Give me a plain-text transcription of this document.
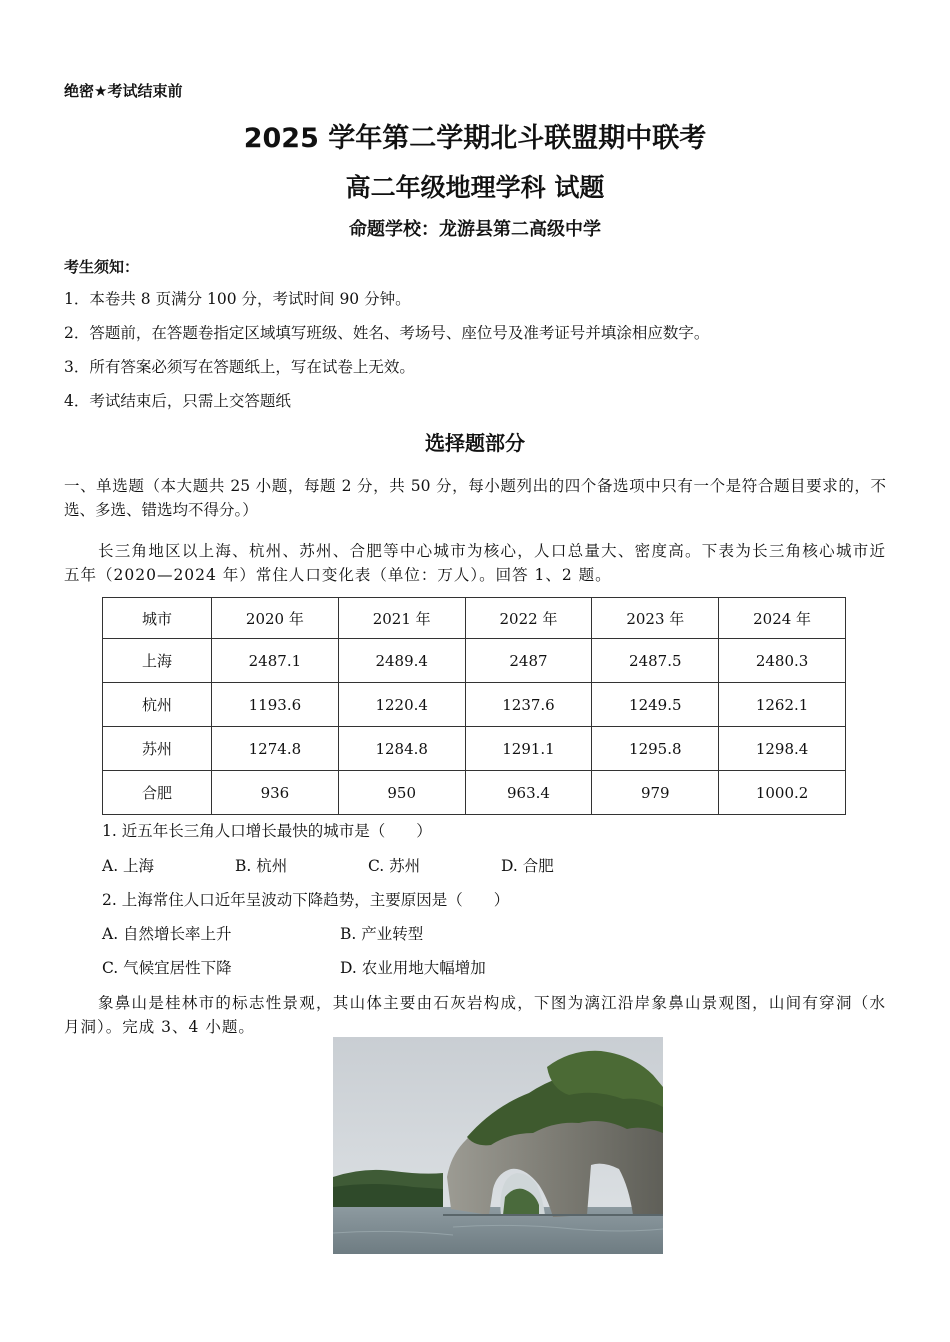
绝密★考试结束前
2025 学年第二学期北斗联盟期中联考
高二年级地理学科 试题
命题学校：龙游县第二高级中学
考生须知：
1．本卷共 8 页满分 100 分，考试时间 90 分钟。
2．答题前，在答题卷指定区域填写班级、姓名、考场号、座位号及准考证号并填涂相应数字。
3．所有答案必须写在答题纸上，写在试卷上无效。
4．考试结束后，只需上交答题纸
选择题部分
一、单选题（本大题共 25 小题，每题 2 分，共 50 分，每小题列出的四个备选项中只有一个是符合题目要求的，不选、多选、错选均不得分。）
长三角地区以上海、杭州、苏州、合肥等中心城市为核心，人口总量大、密度高。下表为长三角核心城市近五年（2020—2024 年）常住人口变化表（单位：万人）。回答 1、2 题。
城市	2020 年	2021 年	2022 年	2023 年	2024 年
上海	2487.1	2489.4	2487	2487.5	2480.3
杭州	1193.6	1220.4	1237.6	1249.5	1262.1
苏州	1274.8	1284.8	1291.1	1295.8	1298.4
合肥	936	950	963.4	979	1000.2
1. 近五年长三角人口增长最快的城市是（　　）
A. 上海	B. 杭州	C. 苏州	D. 合肥
2. 上海常住人口近年呈波动下降趋势，主要原因是（　　）
A. 自然增长率上升	B. 产业转型
C. 气候宜居性下降	D. 农业用地大幅增加
象鼻山是桂林市的标志性景观，其山体主要由石灰岩构成，下图为漓江沿岸象鼻山景观图，山间有穿洞（水月洞）。完成 3、4 小题。
